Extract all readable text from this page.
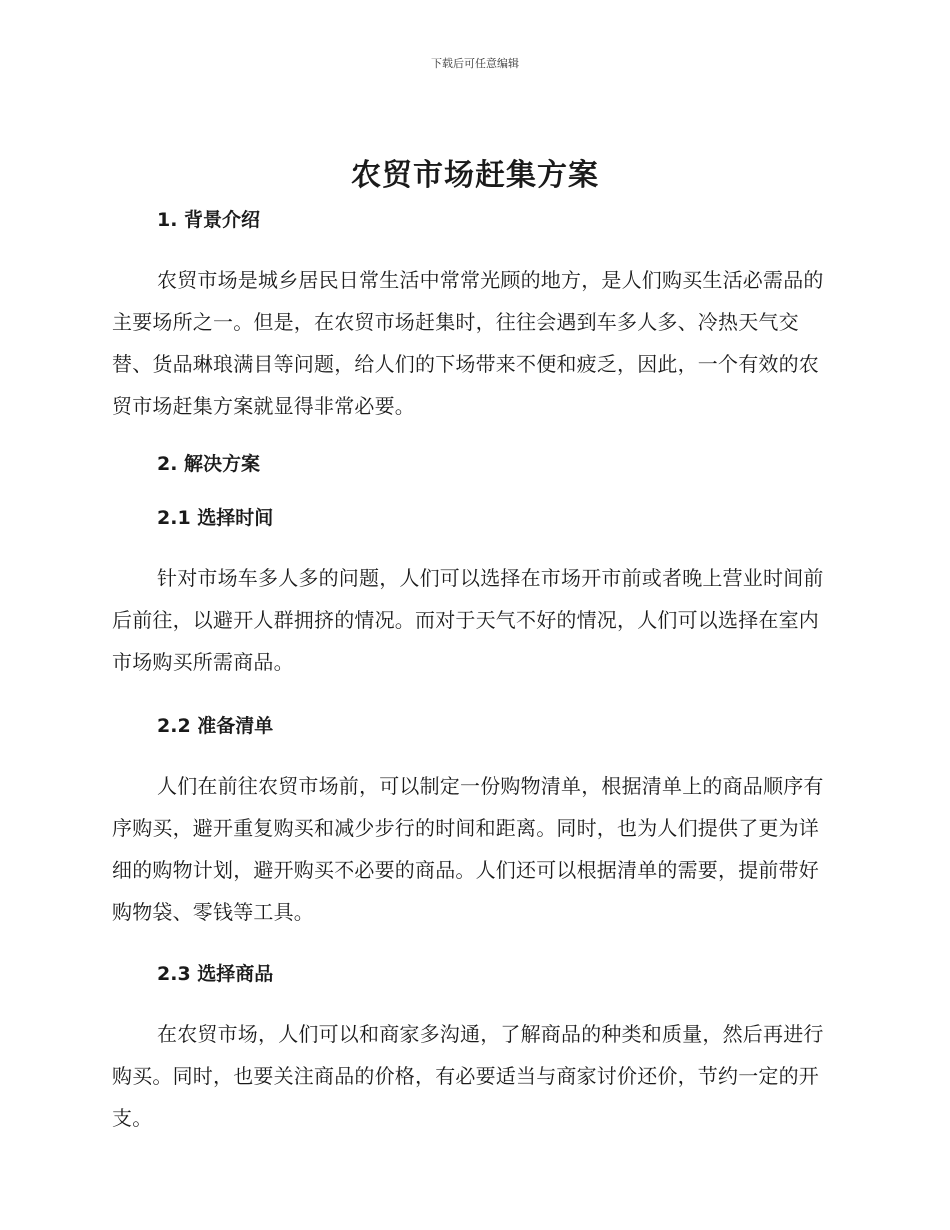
下载后可任意编辑
农贸市场赶集方案
1. 背景介绍

农贸市场是城乡居民日常生活中常常光顾的地方，是人们购买生活必需品的主要场所之一。但是，在农贸市场赶集时，往往会遇到车多人多、冷热天气交替、货品琳琅满目等问题，给人们的下场带来不便和疲乏，因此，一个有效的农贸市场赶集方案就显得非常必要。

2. 解决方案
2.1 选择时间

针对市场车多人多的问题，人们可以选择在市场开市前或者晚上营业时间前后前往，以避开人群拥挤的情况。而对于天气不好的情况，人们可以选择在室内市场购买所需商品。

2.2 准备清单

人们在前往农贸市场前，可以制定一份购物清单，根据清单上的商品顺序有序购买，避开重复购买和减少步行的时间和距离。同时，也为人们提供了更为详细的购物计划，避开购买不必要的商品。人们还可以根据清单的需要，提前带好购物袋、零钱等工具。

2.3 选择商品

在农贸市场，人们可以和商家多沟通，了解商品的种类和质量，然后再进行购买。同时，也要关注商品的价格，有必要适当与商家讨价还价，节约一定的开支。
